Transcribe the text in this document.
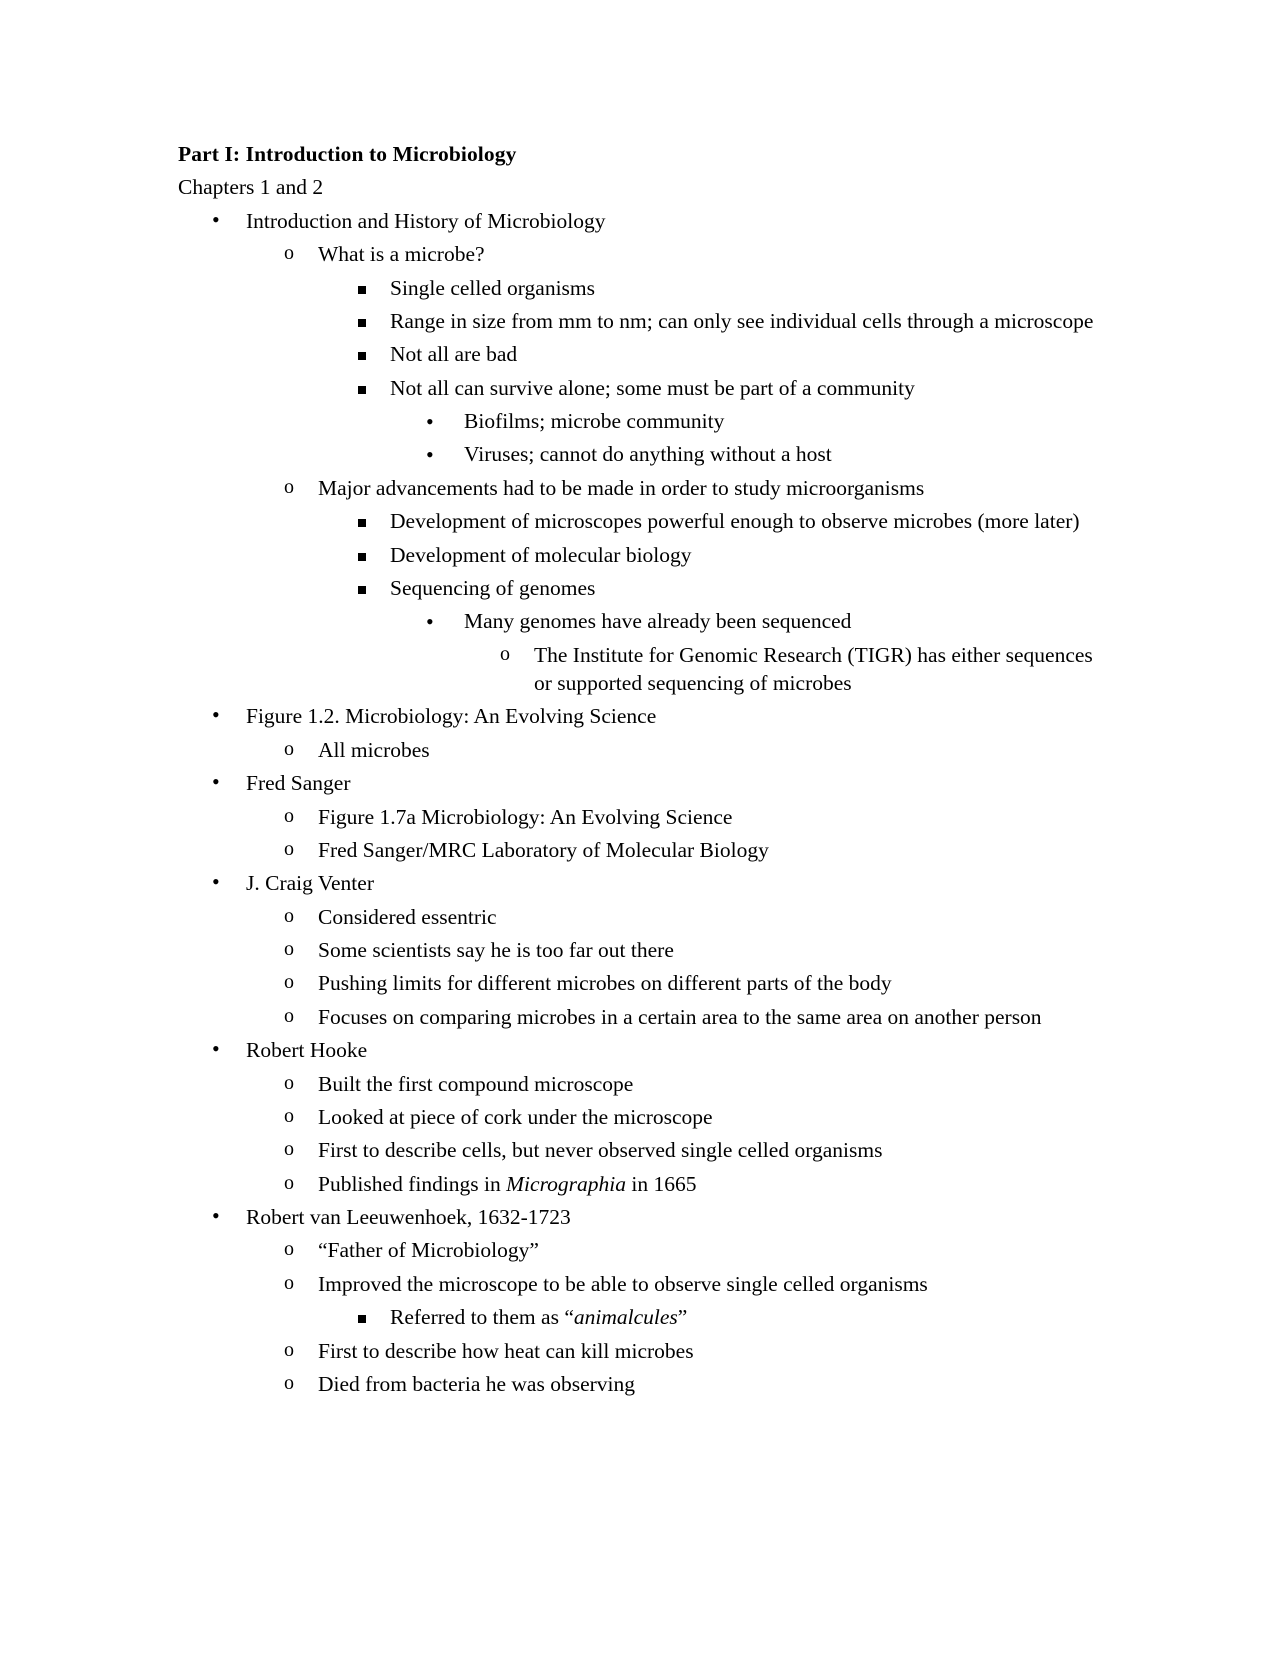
Part I: Introduction to Microbiology

Chapters 1 and 2

•	Introduction and History of Microbiology
o	What is a microbe?
Single celled organisms
Range in size from mm to nm; can only see individual cells through a microscope
Not all are bad
Not all can survive alone; some must be part of a community
•	Biofilms; microbe community
•	Viruses; cannot do anything without a host
o	Major advancements had to be made in order to study microorganisms
Development of microscopes powerful enough to observe microbes (more later)
Development of molecular biology
Sequencing of genomes
•	Many genomes have already been sequenced
o	The Institute for Genomic Research (TIGR) has either sequences or supported sequencing of microbes
•	Figure 1.2. Microbiology: An Evolving Science
o	All microbes
•	Fred Sanger
o	Figure 1.7a Microbiology: An Evolving Science
o	Fred Sanger/MRC Laboratory of Molecular Biology
•	J. Craig Venter
o	Considered essentric
o	Some scientists say he is too far out there
o	Pushing limits for different microbes on different parts of the body
o	Focuses on comparing microbes in a certain area to the same area on another person
•	Robert Hooke
o	Built the first compound microscope
o	Looked at piece of cork under the microscope
o	First to describe cells, but never observed single celled organisms
o	Published findings in Micrographia in 1665
•	Robert van Leeuwenhoek, 1632-1723
o	“Father of Microbiology”
o	Improved the microscope to be able to observe single celled organisms
Referred to them as “animalcules”
o	First to describe how heat can kill microbes
o	Died from bacteria he was observing
